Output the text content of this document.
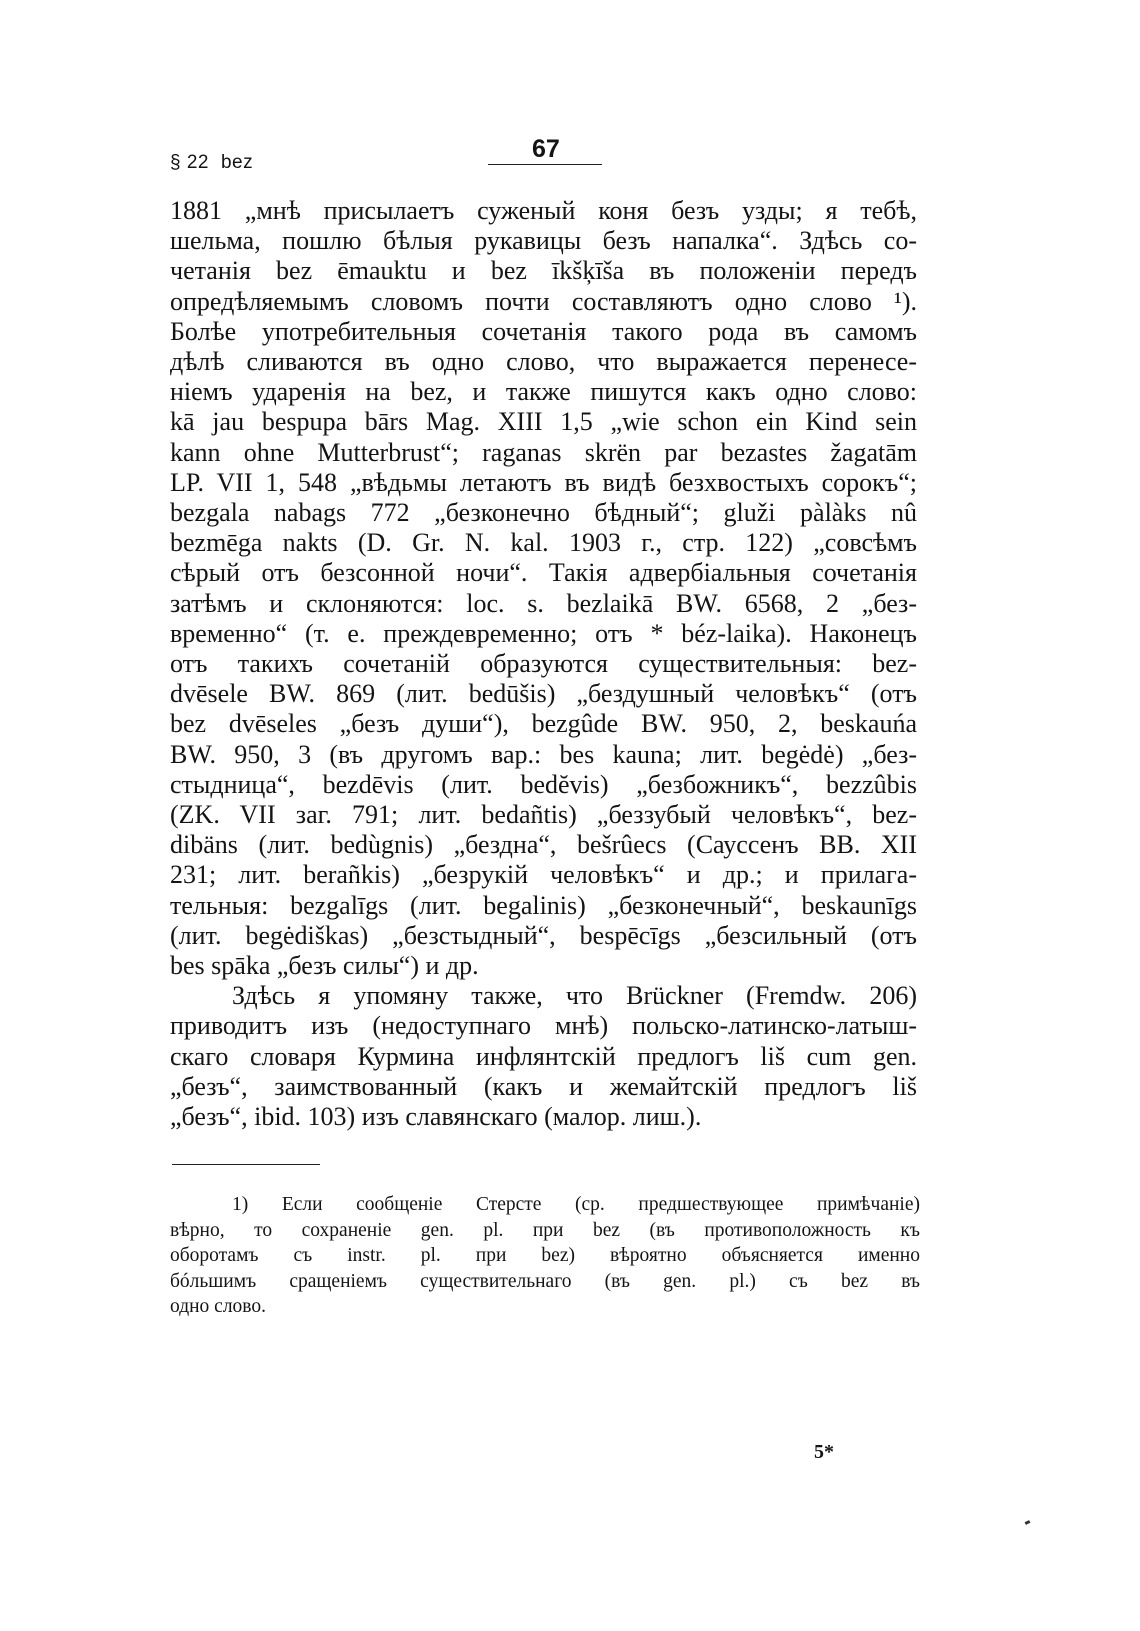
§ 22 bez	67
1881 „мнѣ присылаетъ суженый коня безъ узды; я тебѣ,
шельма, пошлю бѣлыя рукавицы безъ напалка“. Здѣсь со-
четанія bez ēmauktu и bez īkšķīša въ положеніи передъ
опредѣляемымъ словомъ почти составляютъ одно слово ¹).
Болѣе употребительныя сочетанія такого рода въ самомъ
дѣлѣ сливаются въ одно слово, что выражается перенесе-
ніемъ ударенія на bez, и также пишутся какъ одно слово:
kā jau bespupa bārs Mag. XIII 1,5 „wie schon ein Kind sein
kann ohne Mutterbrust“; raganas skrën par bezastes žagatām
LP. VII 1, 548 „вѣдьмы летаютъ въ видѣ безхвостыхъ сорокъ“;
bezgala nabags 772 „безконечно бѣдный“; gluži pàlàks nû
bezmēga nakts (D. Gr. N. kal. 1903 г., стр. 122) „совсѣмъ
сѣрый отъ безсонной ночи“. Такія адвербіальныя сочетанія
затѣмъ и склоняются: loc. s. bezlaikā BW. 6568, 2 „без-
временно“ (т. е. преждевременно; отъ * béz-laika). Наконецъ
отъ такихъ сочетаній образуются существительныя: bez-
dvēsele BW. 869 (лит. bedūšis) „бездушный человѣкъ“ (отъ
bez dvēseles „безъ души“), bezgûde BW. 950, 2, beskauńa
BW. 950, 3 (въ другомъ вар.: bes kauna; лит. begėdė) „без-
стыдница“, bezdēvis (лит. bedĕvis) „безбожникъ“, bezzûbis
(ZK. VII заг. 791; лит. bedañtis) „беззубый человѣкъ“, bez-
dibäns (лит. bedùgnis) „бездна“, bešrûecs (Сауссенъ BB. XII
231; лит. berañkis) „безрукій человѣкъ“ и др.; и прилага-
тельныя: bezgalīgs (лит. begalinis) „безконечный“, beskaunīgs
(лит. begėdiškas) „безстыдный“, bespēcīgs „безсильный (отъ
bes spāka „безъ силы“) и др.
Здѣсь я упомяну также, что Brückner (Fremdw. 206)
приводитъ изъ (недоступнаго мнѣ) польско-латинско-латыш-
скаго словаря Курмина инфлянтскій предлогъ liš cum gen.
„безъ“, заимствованный (какъ и жемайтскій предлогъ liš
„безъ“, ibid. 103) изъ славянскаго (малор. лиш.).
1) Если сообщеніе Стерсте (ср. предшествующее примѣчаніе)
вѣрно, то сохраненіе gen. pl. при bez (въ противоположность къ
оборотамъ съ instr. pl. при bez) вѣроятно объясняется именно
бóльшимъ сращеніемъ существительнаго (въ gen. pl.) съ bez въ
одно слово.
5*
